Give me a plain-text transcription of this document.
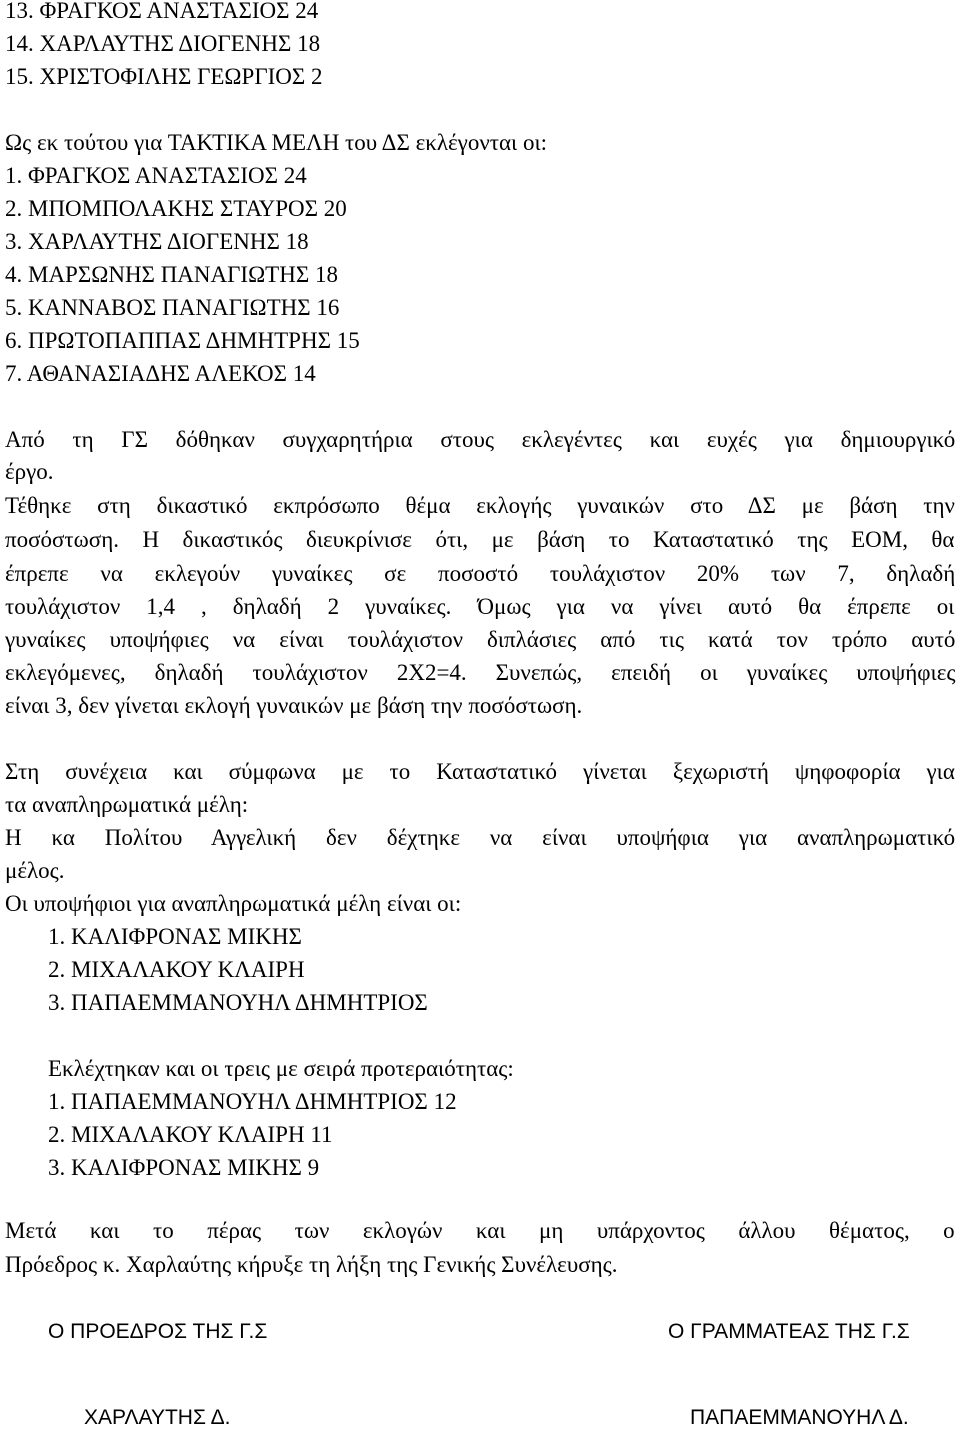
13. ΦΡΑΓΚΟΣ ΑΝΑΣΤΑΣΙΟΣ 24
14. ΧΑΡΛΑΥΤΗΣ ΔΙΟΓΕΝΗΣ 18
15. ΧΡΙΣΤΟΦΙΛΗΣ ΓΕΩΡΓΙΟΣ 2
Ως εκ τούτου για ΤΑΚΤΙΚΑ ΜΕΛΗ του ΔΣ εκλέγονται οι:
1. ΦΡΑΓΚΟΣ ΑΝΑΣΤΑΣΙΟΣ 24
2. ΜΠΟΜΠΟΛΑΚΗΣ ΣΤΑΥΡΟΣ 20
3. ΧΑΡΛΑΥΤΗΣ ΔΙΟΓΕΝΗΣ 18
4. ΜΑΡΣΩΝΗΣ ΠΑΝΑΓΙΩΤΗΣ 18
5. ΚΑΝΝΑΒΟΣ ΠΑΝΑΓΙΩΤΗΣ 16
6. ΠΡΩΤΟΠΑΠΠΑΣ ΔΗΜΗΤΡΗΣ 15
7. ΑΘΑΝΑΣΙΑΔΗΣ ΑΛΕΚΟΣ 14
Από τη ΓΣ δόθηκαν συγχαρητήρια στους εκλεγέντες και ευχές για δημιουργικό
έργο.
Τέθηκε στη δικαστικό εκπρόσωπο θέμα εκλογής γυναικών στο ΔΣ με βάση την
ποσόστωση. Η δικαστικός διευκρίνισε ότι, με βάση το Καταστατικό της ΕΟΜ, θα
έπρεπε να εκλεγούν γυναίκες σε ποσοστό τουλάχιστον 20% των 7, δηλαδή
τουλάχιστον 1,4 , δηλαδή 2 γυναίκες. Όμως για να γίνει αυτό θα έπρεπε οι
γυναίκες υποψήφιες να είναι τουλάχιστον διπλάσιες από τις κατά τον τρόπο αυτό
εκλεγόμενες, δηλαδή τουλάχιστον 2Χ2=4. Συνεπώς, επειδή οι γυναίκες υποψήφιες
είναι 3, δεν γίνεται εκλογή γυναικών με βάση την ποσόστωση.
Στη συνέχεια και σύμφωνα με το Καταστατικό γίνεται ξεχωριστή ψηφοφορία για
τα αναπληρωματικά μέλη:
Η κα Πολίτου Αγγελική δεν δέχτηκε να είναι υποψήφια για αναπληρωματικό
μέλος.
Οι υποψήφιοι για αναπληρωματικά μέλη είναι οι:
1. ΚΑΛΙΦΡΟΝΑΣ ΜΙΚΗΣ
2. ΜΙΧΑΛΑΚΟΥ ΚΛΑΙΡΗ
3. ΠΑΠΑΕΜΜΑΝΟΥΗΛ ΔΗΜΗΤΡΙΟΣ
Εκλέχτηκαν και οι τρεις με σειρά προτεραιότητας:
1. ΠΑΠΑΕΜΜΑΝΟΥΗΛ ΔΗΜΗΤΡΙΟΣ 12
2. ΜΙΧΑΛΑΚΟΥ ΚΛΑΙΡΗ 11
3. ΚΑΛΙΦΡΟΝΑΣ ΜΙΚΗΣ 9
Μετά και το πέρας των εκλογών και μη υπάρχοντος άλλου θέματος, ο
Πρόεδρος κ. Χαρλαύτης κήρυξε τη λήξη της Γενικής Συνέλευσης.
Ο ΠΡΟΕΔΡΟΣ ΤΗΣ Γ.Σ	Ο ΓΡΑΜΜΑΤΕΑΣ ΤΗΣ Γ.Σ
ΧΑΡΛΑΥΤΗΣ Δ.	ΠΑΠΑΕΜΜΑΝΟΥΗΛ Δ.
